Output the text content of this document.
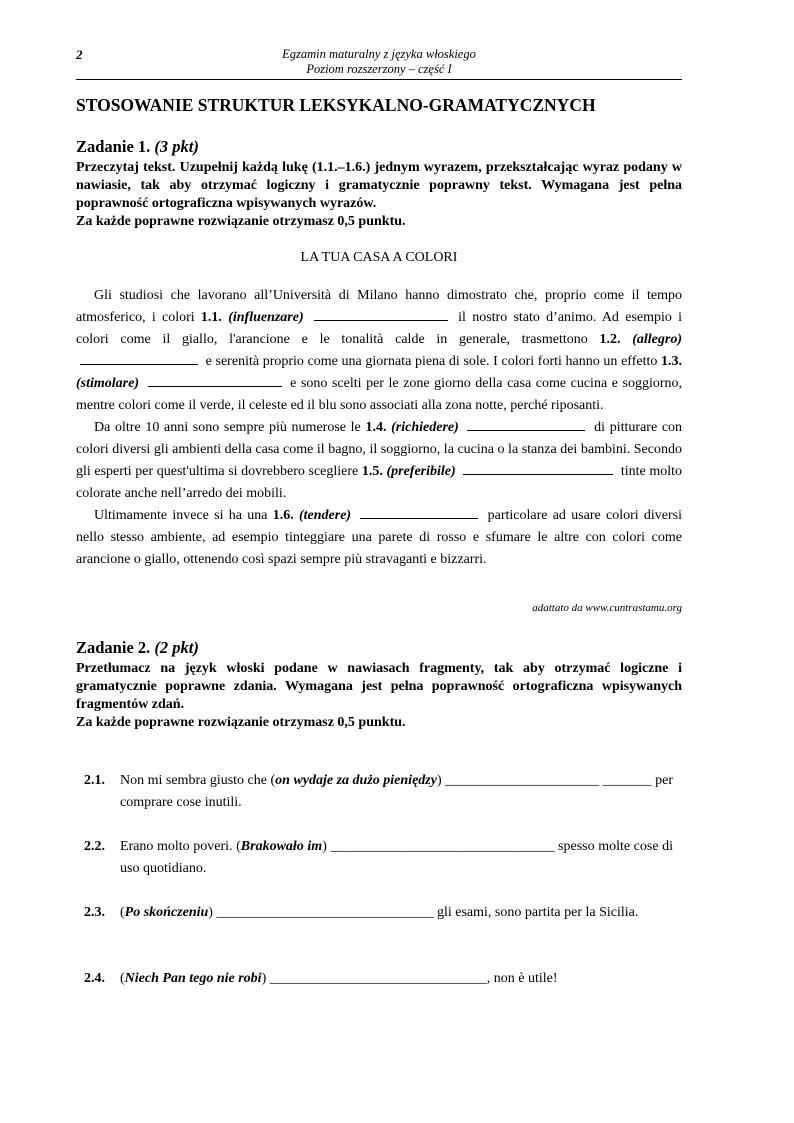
2	Egzamin maturalny z języka włoskiego
Poziom rozszerzony – część I
STOSOWANIE STRUKTUR LEKSYKALNO-GRAMATYCZNYCH
Zadanie 1. (3 pkt)

Przeczytaj tekst. Uzupełnij każdą lukę (1.1.–1.6.) jednym wyrazem, przekształcając wyraz podany w nawiasie, tak aby otrzymać logiczny i gramatycznie poprawny tekst. Wymagana jest pełna poprawność ortograficzna wpisywanych wyrazów.

Za każde poprawne rozwiązanie otrzymasz 0,5 punktu.

LA TUA CASA A COLORI

Gli studiosi che lavorano all’Università di Milano hanno dimostrato che, proprio come il tempo atmosferico, i colori 1.1. (influenzare)	il nostro stato d’animo. Ad esempio i colori come il giallo, l'arancione e le tonalità calde in generale, trasmettono 1.2. (allegro)  e serenità proprio come una giornata piena di sole. I colori forti hanno un effetto 1.3. (stimolare)	e sono scelti per le zone giorno della casa come cucina e soggiorno, mentre colori come il verde, il celeste ed il blu sono associati alla zona notte, perché riposanti.

Da oltre 10 anni sono sempre più numerose le 1.4. (richiedere)	di pitturare con colori diversi gli ambienti della casa come il bagno, il soggiorno, la cucina o la stanza dei bambini. Secondo gli esperti per quest'ultima si dovrebbero scegliere 1.5. (preferibile)	tinte molto colorate anche nell’arredo dei mobili.

Ultimamente invece si ha una 1.6. (tendere)	particolare ad usare colori diversi nello stesso ambiente, ad esempio tinteggiare una parete di rosso e sfumare le altre con colori come arancione o giallo, ottenendo così spazi sempre più stravaganti e bizzarri.

adattato da www.cuntrastamu.org
Zadanie 2. (2 pkt)

Przetłumacz na język włoski podane w nawiasach fragmenty, tak aby otrzymać logiczne i gramatycznie poprawne zdania. Wymagana jest pełna poprawność ortograficzna wpisywanych fragmentów zdań.

Za każde poprawne rozwiązanie otrzymasz 0,5 punktu.

2.1. Non mi sembra giusto che (on wydaje za dużo pieniędzy) ______________________ _______ per comprare cose inutili.
2.2. Erano molto poveri. (Brakowało im) ________________________________ spesso molte cose di uso quotidiano.
2.3. (Po skończeniu) _______________________________ gli esami, sono partita per la Sicilia.
2.4. (Niech Pan tego nie robi) _______________________________, non è utile!
